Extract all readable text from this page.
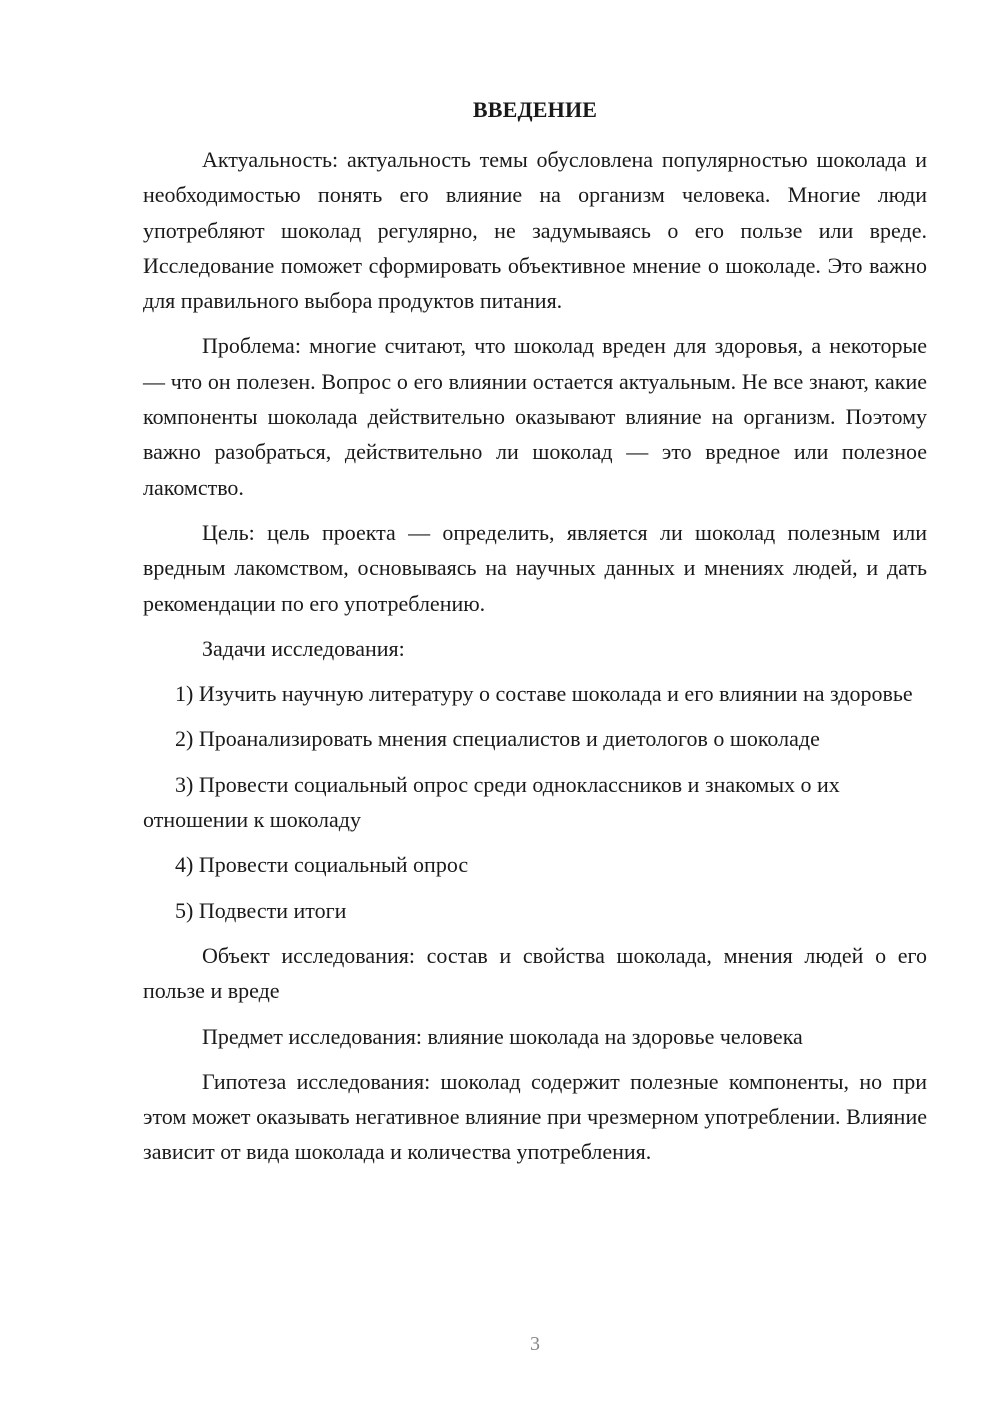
ВВЕДЕНИЕ

Актуальность: актуальность темы обусловлена популярностью шоколада и необходимостью понять его влияние на организм человека. Многие люди употребляют шоколад регулярно, не задумываясь о его пользе или вреде. Исследование поможет сформировать объективное мнение о шоколаде. Это важно для правильного выбора продуктов питания.

Проблема: многие считают, что шоколад вреден для здоровья, а некоторые — что он полезен. Вопрос о его влиянии остается актуальным. Не все знают, какие компоненты шоколада действительно оказывают влияние на организм. Поэтому важно разобраться, действительно ли шоколад — это вредное или полезное лакомство.

Цель: цель проекта — определить, является ли шоколад полезным или вредным лакомством, основываясь на научных данных и мнениях людей, и дать рекомендации по его употреблению.

Задачи исследования:

1) Изучить научную литературу о составе шоколада и его влиянии на здоровье

2) Проанализировать мнения специалистов и диетологов о шоколаде

3) Провести социальный опрос среди одноклассников и знакомых о их отношении к шоколаду

4) Провести социальный опрос

5) Подвести итоги

Объект исследования: состав и свойства шоколада, мнения людей о его пользе и вреде

Предмет исследования: влияние шоколада на здоровье человека

Гипотеза исследования: шоколад содержит полезные компоненты, но при этом может оказывать негативное влияние при чрезмерном употреблении. Влияние зависит от вида шоколада и количества употребления.

3
